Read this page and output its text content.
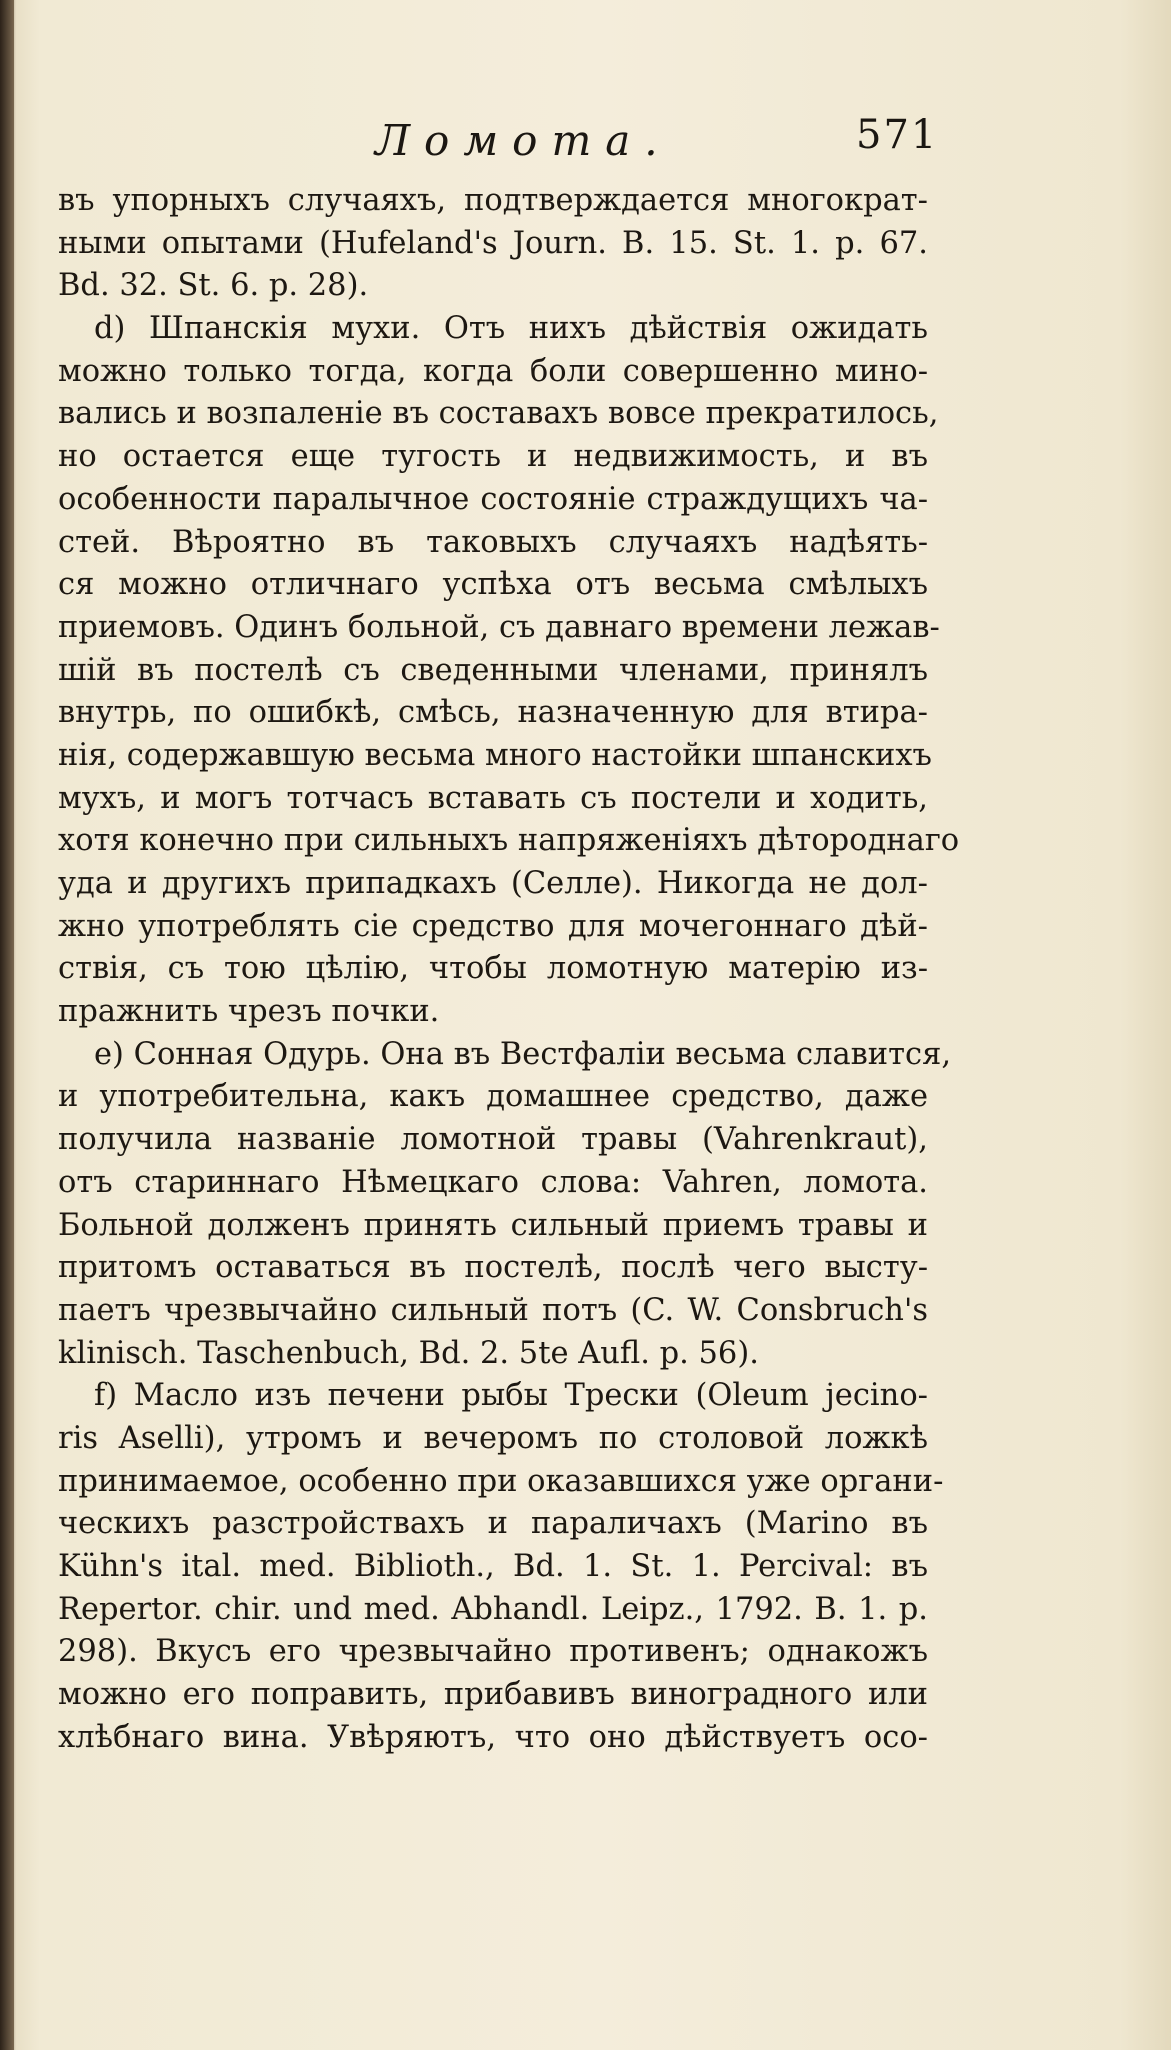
Ломота.	571
въ упорныхъ случаяхъ, подтверждается многократ-
ными опытами (Hufeland's Journ. B. 15. St. 1. p. 67.
Bd. 32. St. 6. p. 28).
d) Шпанскія мухи. Отъ нихъ дѣйствія ожидать
можно только тогда, когда боли совершенно мино-
вались и возпаленіе въ составахъ вовсе прекратилось,
но остается еще тугость и недвижимость, и въ
особенности паралычное состояніе страждущихъ ча-
стей. Вѣроятно въ таковыхъ случаяхъ надѣять-
ся можно отличнаго успѣха отъ весьма смѣлыхъ
приемовъ. Одинъ больной, съ давнаго времени лежав-
шій въ постелѣ съ сведенными членами, принялъ
внутрь, по ошибкѣ, смѣсь, назначенную для втира-
нія, содержавшую весьма много настойки шпанскихъ
мухъ, и могъ тотчасъ вставать съ постели и ходить,
хотя конечно при сильныхъ напряженіяхъ дѣтороднаго
уда и другихъ припадкахъ (Селле). Никогда не дол-
жно употреблять сіе средство для мочегоннаго дѣй-
ствія, съ тою цѣлію, чтобы ломотную матерію из-
пражнить чрезъ почки.
e) Сонная Одурь. Она въ Вестфаліи весьма славится,
и употребительна, какъ домашнее средство, даже
получила названіе ломотной травы (Vahrenkraut),
отъ стариннаго Нѣмецкаго слова: Vahren, ломота.
Больной долженъ принять сильный приемъ травы и
притомъ оставаться въ постелѣ, послѣ чего высту-
паетъ чрезвычайно сильный потъ (C. W. Consbruch's
klinisch. Taschenbuch, Bd. 2. 5te Aufl. p. 56).
f) Масло изъ печени рыбы Трески (Oleum jecino-
ris Aselli), утромъ и вечеромъ по столовой ложкѣ
принимаемое, особенно при оказавшихся уже органи-
ческихъ разстройствахъ и параличахъ (Marino въ
Kühn's ital. med. Biblioth., Bd. 1. St. 1. Percival: въ
Repertor. chir. und med. Abhandl. Leipz., 1792. B. 1. p.
298). Вкусъ его чрезвычайно противенъ; однакожъ
можно его поправить, прибавивъ виноградного или
хлѣбнаго вина. Увѣряютъ, что оно дѣйствуетъ осо-
